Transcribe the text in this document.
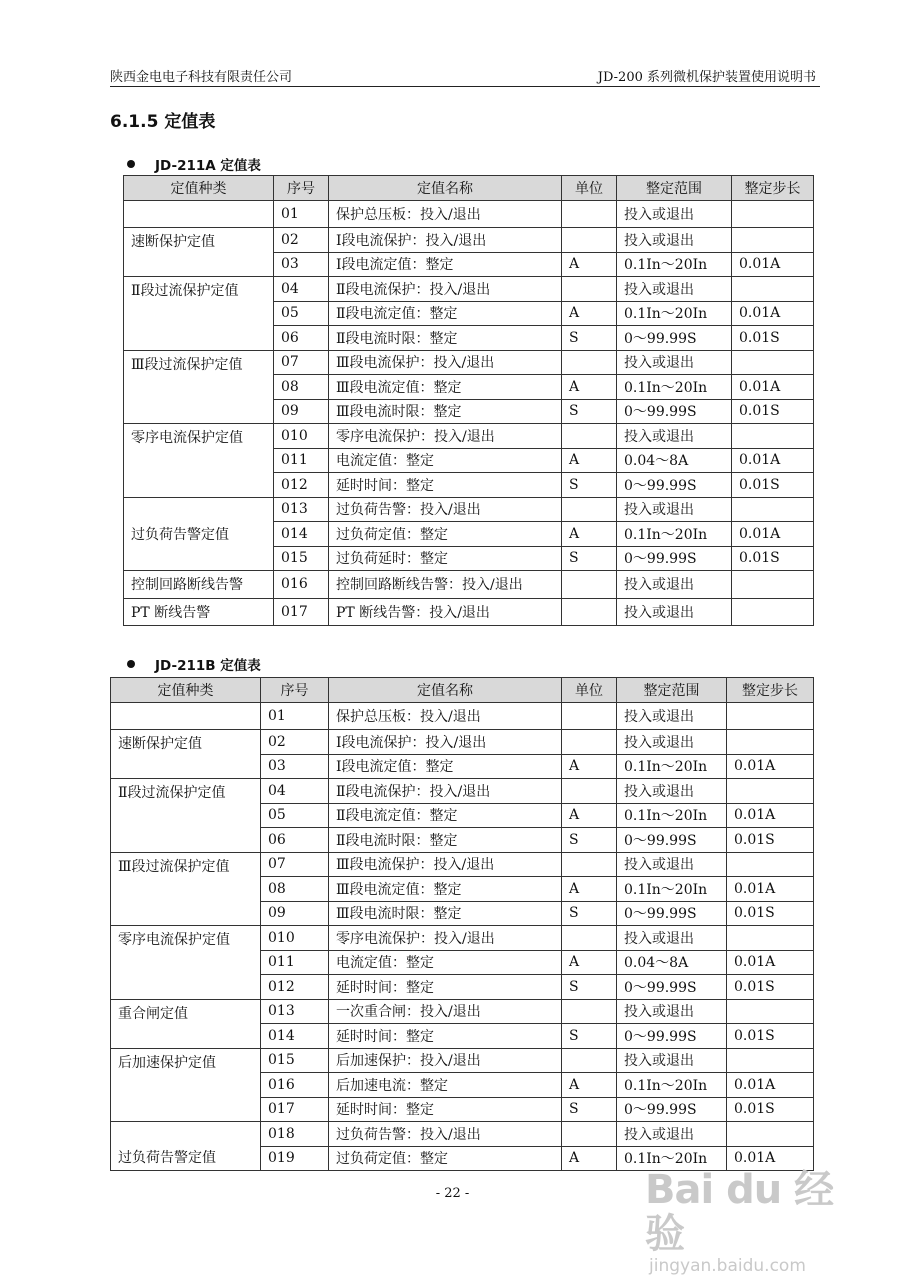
陕西金电电子科技有限责任公司	JD-200 系列微机保护装置使用说明书
6.1.5 定值表
JD-211A 定值表
定值种类	序号	定值名称	单位	整定范围	整定步长
	01	保护总压板：投入/退出		投入或退出	
速断保护定值	02	Ⅰ段电流保护：投入/退出		投入或退出	
	03	Ⅰ段电流定值：整定	A	0.1In～20In	0.01A
Ⅱ段过流保护定值	04	Ⅱ段电流保护：投入/退出		投入或退出	
	05	Ⅱ段电流定值：整定	A	0.1In～20In	0.01A
	06	Ⅱ段电流时限：整定	S	0～99.99S	0.01S
Ⅲ段过流保护定值	07	Ⅲ段电流保护：投入/退出		投入或退出	
	08	Ⅲ段电流定值：整定	A	0.1In～20In	0.01A
	09	Ⅲ段电流时限：整定	S	0～99.99S	0.01S
零序电流保护定值	010	零序电流保护：投入/退出		投入或退出	
	011	电流定值：整定	A	0.04～8A	0.01A
	012	延时时间：整定	S	0～99.99S	0.01S
过负荷告警定值	013	过负荷告警：投入/退出		投入或退出	
	014	过负荷定值：整定	A	0.1In～20In	0.01A
	015	过负荷延时：整定	S	0～99.99S	0.01S
控制回路断线告警	016	控制回路断线告警：投入/退出		投入或退出	
PT 断线告警	017	PT 断线告警：投入/退出		投入或退出	
JD-211B 定值表
定值种类	序号	定值名称	单位	整定范围	整定步长
	01	保护总压板：投入/退出		投入或退出	
速断保护定值	02	Ⅰ段电流保护：投入/退出		投入或退出	
	03	Ⅰ段电流定值：整定	A	0.1In～20In	0.01A
Ⅱ段过流保护定值	04	Ⅱ段电流保护：投入/退出		投入或退出	
	05	Ⅱ段电流定值：整定	A	0.1In～20In	0.01A
	06	Ⅱ段电流时限：整定	S	0～99.99S	0.01S
Ⅲ段过流保护定值	07	Ⅲ段电流保护：投入/退出		投入或退出	
	08	Ⅲ段电流定值：整定	A	0.1In～20In	0.01A
	09	Ⅲ段电流时限：整定	S	0～99.99S	0.01S
零序电流保护定值	010	零序电流保护：投入/退出		投入或退出	
	011	电流定值：整定	A	0.04～8A	0.01A
	012	延时时间：整定	S	0～99.99S	0.01S
重合闸定值	013	一次重合闸：投入/退出		投入或退出	
	014	延时时间：整定	S	0～99.99S	0.01S
后加速保护定值	015	后加速保护：投入/退出		投入或退出	
	016	后加速电流：整定	A	0.1In～20In	0.01A
	017	延时时间：整定	S	0～99.99S	0.01S
过负荷告警定值	018	过负荷告警：投入/退出		投入或退出	
	019	过负荷定值：整定	A	0.1In～20In	0.01A
- 22 -	Bai du 经验
jingyan.baidu.com
